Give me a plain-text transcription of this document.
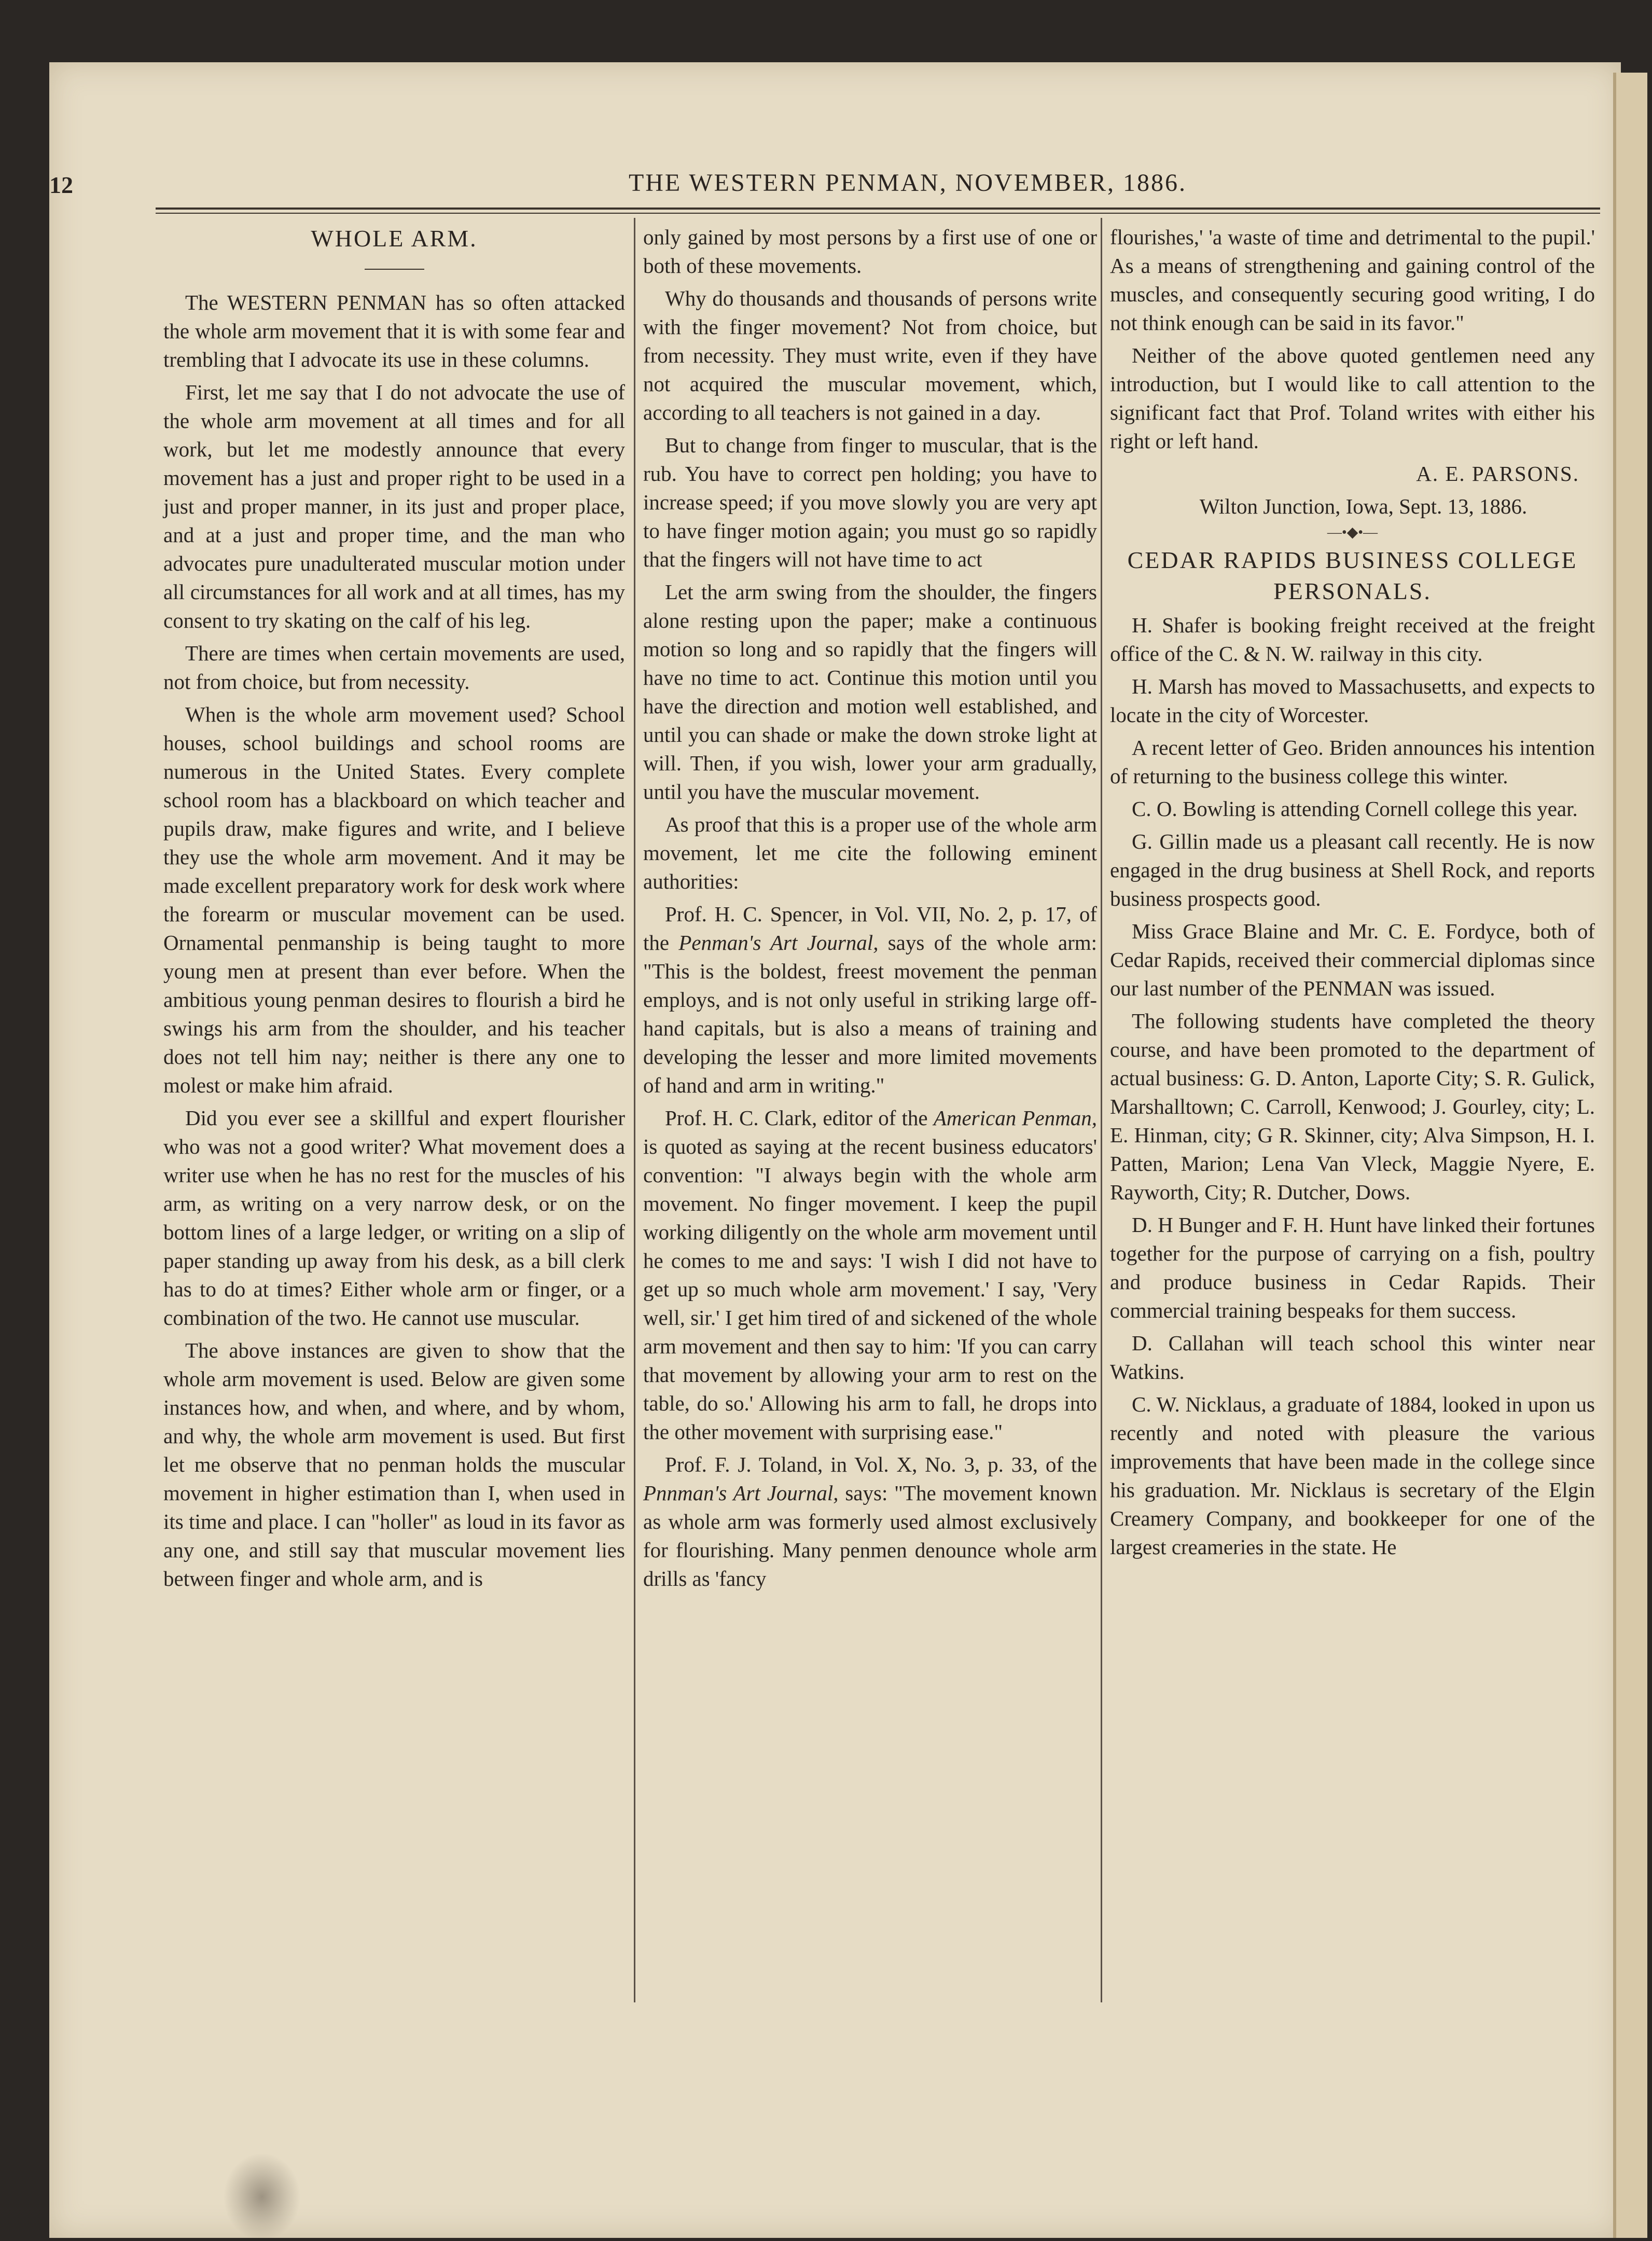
12	THE WESTERN PENMAN, NOVEMBER, 1886.
WHOLE ARM.

The WESTERN PENMAN has so often attacked the whole arm movement that it is with some fear and trembling that I advocate its use in these columns.

First, let me say that I do not advocate the use of the whole arm movement at all times and for all work, but let me modestly announce that every movement has a just and proper right to be used in a just and proper manner, in its just and proper place, and at a just and proper time, and the man who advocates pure unadulterated muscular motion under all circumstances for all work and at all times, has my consent to try skating on the calf of his leg.

There are times when certain movements are used, not from choice, but from necessity.

When is the whole arm movement used? School houses, school buildings and school rooms are numerous in the United States. Every complete school room has a blackboard on which teacher and pupils draw, make figures and write, and I believe they use the whole arm movement. And it may be made excellent preparatory work for desk work where the forearm or muscular movement can be used. Ornamental penmanship is being taught to more young men at present than ever before. When the ambitious young penman desires to flourish a bird he swings his arm from the shoulder, and his teacher does not tell him nay; neither is there any one to molest or make him afraid.

Did you ever see a skillful and expert flourisher who was not a good writer? What movement does a writer use when he has no rest for the muscles of his arm, as writing on a very narrow desk, or on the bottom lines of a large ledger, or writing on a slip of paper standing up away from his desk, as a bill clerk has to do at times? Either whole arm or finger, or a combination of the two. He cannot use muscular.

The above instances are given to show that the whole arm movement is used. Below are given some instances how, and when, and where, and by whom, and why, the whole arm movement is used. But first let me observe that no penman holds the muscular movement in higher estimation than I, when used in its time and place. I can "holler" as loud in its favor as any one, and still say that muscular movement lies between finger and whole arm, and is

only gained by most persons by a first use of one or both of these movements.

Why do thousands and thousands of persons write with the finger movement? Not from choice, but from necessity. They must write, even if they have not acquired the muscular movement, which, according to all teachers is not gained in a day.

But to change from finger to muscular, that is the rub. You have to correct pen holding; you have to increase speed; if you move slowly you are very apt to have finger motion again; you must go so rapidly that the fingers will not have time to act

Let the arm swing from the shoulder, the fingers alone resting upon the paper; make a continuous motion so long and so rapidly that the fingers will have no time to act. Continue this motion until you have the direction and motion well established, and until you can shade or make the down stroke light at will. Then, if you wish, lower your arm gradually, until you have the muscular movement.

As proof that this is a proper use of the whole arm movement, let me cite the following eminent authorities:

Prof. H. C. Spencer, in Vol. VII, No. 2, p. 17, of the Penman's Art Journal, says of the whole arm: "This is the boldest, freest movement the penman employs, and is not only useful in striking large off-hand capitals, but is also a means of training and developing the lesser and more limited movements of hand and arm in writing."

Prof. H. C. Clark, editor of the American Penman, is quoted as saying at the recent business educators' convention: "I always begin with the whole arm movement. No finger movement. I keep the pupil working diligently on the whole arm movement until he comes to me and says: 'I wish I did not have to get up so much whole arm movement.' I say, 'Very well, sir.' I get him tired of and sickened of the whole arm movement and then say to him: 'If you can carry that movement by allowing your arm to rest on the table, do so.' Allowing his arm to fall, he drops into the other movement with surprising ease."

Prof. F. J. Toland, in Vol. X, No. 3, p. 33, of the Pnnman's Art Journal, says: "The movement known as whole arm was formerly used almost exclusively for flourishing. Many penmen denounce whole arm drills as 'fancy

flourishes,' 'a waste of time and detrimental to the pupil.' As a means of strengthening and gaining control of the muscles, and consequently securing good writing, I do not think enough can be said in its favor."

Neither of the above quoted gentlemen need any introduction, but I would like to call attention to the significant fact that Prof. Toland writes with either his right or left hand.

A. E. PARSONS.

Wilton Junction, Iowa, Sept. 13, 1886.

—•◆•—
CEDAR RAPIDS BUSINESS COLLEGE PERSONALS.

H. Shafer is booking freight received at the freight office of the C. & N. W. railway in this city.

H. Marsh has moved to Massachusetts, and expects to locate in the city of Worcester.

A recent letter of Geo. Briden announces his intention of returning to the business college this winter.

C. O. Bowling is attending Cornell college this year.

G. Gillin made us a pleasant call recently. He is now engaged in the drug business at Shell Rock, and reports business prospects good.

Miss Grace Blaine and Mr. C. E. Fordyce, both of Cedar Rapids, received their commercial diplomas since our last number of the PENMAN was issued.

The following students have completed the theory course, and have been promoted to the department of actual business: G. D. Anton, Laporte City; S. R. Gulick, Marshalltown; C. Carroll, Kenwood; J. Gourley, city; L. E. Hinman, city; G R. Skinner, city; Alva Simpson, H. I. Patten, Marion; Lena Van Vleck, Maggie Nyere, E. Rayworth, City; R. Dutcher, Dows.

D. H Bunger and F. H. Hunt have linked their fortunes together for the purpose of carrying on a fish, poultry and produce business in Cedar Rapids. Their commercial training bespeaks for them success.

D. Callahan will teach school this winter near Watkins.

C. W. Nicklaus, a graduate of 1884, looked in upon us recently and noted with pleasure the various improvements that have been made in the college since his graduation. Mr. Nicklaus is secretary of the Elgin Creamery Company, and bookkeeper for one of the largest creameries in the state. He
